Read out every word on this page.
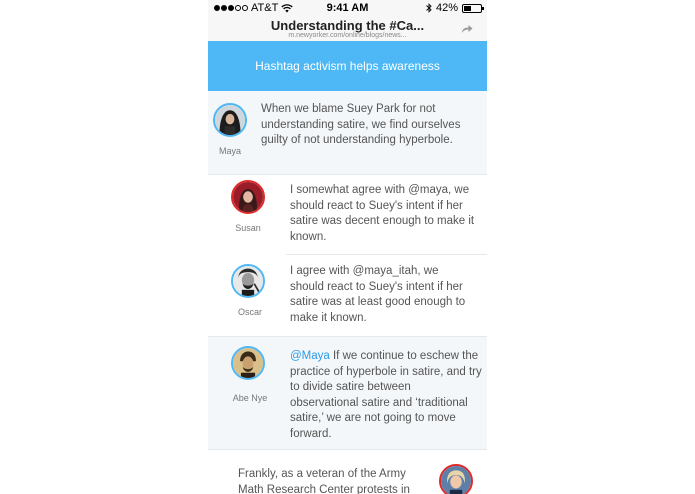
AT&T	9:41 AM	42%
Understanding the #Ca...
m.newyorker.com/online/blogs/news...
Hashtag activism helps awareness
Maya
When we blame Suey Park for not understanding satire, we find ourselves guilty of not understanding hyperbole.
Susan
I somewhat agree with @maya, we should react to Suey's intent if her satire was decent enough to make it known.
Oscar
I agree with @maya_itah, we should react to Suey's intent if her satire was at least good enough to make it known.
Abe Nye
@Maya If we continue to eschew the practice of hyperbole in satire, and try to divide satire between observational satire and ‘traditional satire,’ we are not going to move forward.
Frankly, as a veteran of the Army Math Research Center protests in
